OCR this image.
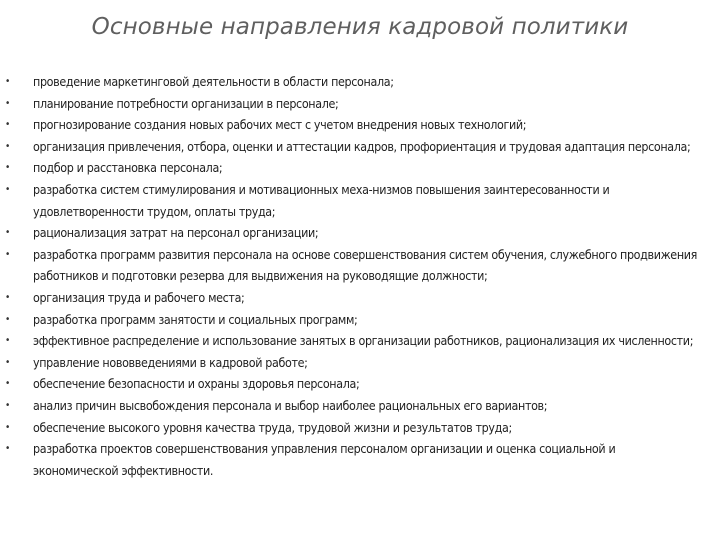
Основные направления кадровой политики
• проведение маркетинговой деятельности в области персонала;
• планирование потребности организации в персонале;
• прогнозирование создания новых рабочих мест с учетом внедрения новых технологий;
• организация привлечения, отбора, оценки и аттестации кадров, профориентация и трудовая адаптация персонала;
• подбор и расстановка персонала;
• разработка систем стимулирования и мотивационных меха-низмов повышения заинтересованности и удовлетворенности трудом, оплаты труда;
• рационализация затрат на персонал организации;
• разработка программ развития персонала на основе совершенствования систем обучения, служебного продвижения работников и подготовки резерва для выдвижения на руководящие должности;
• организация труда и рабочего места;
• разработка программ занятости и социальных программ;
• эффективное распределение и использование занятых в организации работников, рационализация их численности;
• управление нововведениями в кадровой работе;
• обеспечение безопасности и охраны здоровья персонала;
• анализ причин высвобождения персонала и выбор наиболее рациональных его вариантов;
• обеспечение высокого уровня качества труда, трудовой жизни и результатов труда;
• разработка проектов совершенствования управления персоналом организации и оценка социальной и экономической эффективности.
